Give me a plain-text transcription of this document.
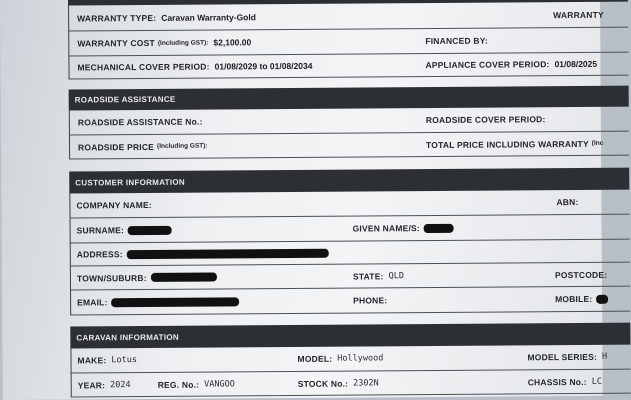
WARRANTY TYPE: Caravan Warranty-Gold	WARRANTY
WARRANTY COST (Including GST): $2,100.00	FINANCED BY:
MECHANICAL COVER PERIOD: 01/08/2029 to 01/08/2034	APPLIANCE COVER PERIOD: 01/08/2025
ROADSIDE ASSISTANCE
ROADSIDE ASSISTANCE No.:	ROADSIDE COVER PERIOD:
ROADSIDE PRICE (Including GST):	TOTAL PRICE INCLUDING WARRANTY (Inc
CUSTOMER INFORMATION
COMPANY NAME:	ABN:
SURNAME:	GIVEN NAME/S:
ADDRESS:
TOWN/SUBURB:	STATE: QLD	POSTCODE:
EMAIL:	PHONE:	MOBILE:
CARAVAN INFORMATION
MAKE: Lotus	MODEL: Hollywood	MODEL SERIES: H
YEAR: 2024	REG. No.: VANGOO	STOCK No.: 2302N	CHASSIS No.: LC
